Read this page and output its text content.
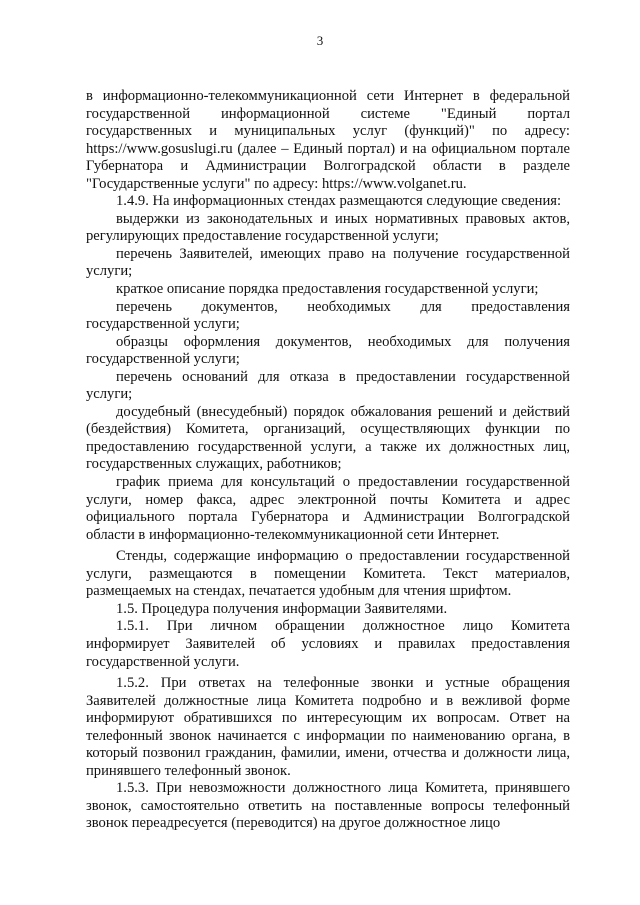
3

в информационно-телекоммуникационной сети Интернет в федеральной государственной информационной системе "Единый портал государственных и муниципальных услуг (функций)" по адресу: https://www.gosuslugi.ru (далее – Единый портал) и на официальном портале Губернатора и Администрации Волгоградской области в разделе "Государственные услуги" по адресу: https://www.volganet.ru.

1.4.9. На информационных стендах размещаются следующие сведения:

выдержки из законодательных и иных нормативных правовых актов, регулирующих предоставление государственной услуги;

перечень Заявителей, имеющих право на получение государственной услуги;

краткое описание порядка предоставления государственной услуги;

перечень документов, необходимых для предоставления государственной услуги;

образцы оформления документов, необходимых для получения государственной услуги;

перечень оснований для отказа в предоставлении государственной услуги;

досудебный (внесудебный) порядок обжалования решений и действий (бездействия) Комитета, организаций, осуществляющих функции по предоставлению государственной услуги, а также их должностных лиц, государственных служащих, работников;

график приема для консультаций о предоставлении государственной услуги, номер факса, адрес электронной почты Комитета и адрес официального портала Губернатора и Администрации Волгоградской области в информационно-телекоммуникационной сети Интернет.

Стенды, содержащие информацию о предоставлении государственной услуги, размещаются в помещении Комитета. Текст материалов, размещаемых на стендах, печатается удобным для чтения шрифтом.

1.5. Процедура получения информации Заявителями.

1.5.1. При личном обращении должностное лицо Комитета информирует Заявителей об условиях и правилах предоставления государственной услуги.

1.5.2. При ответах на телефонные звонки и устные обращения Заявителей должностные лица Комитета подробно и в вежливой форме информируют обратившихся по интересующим их вопросам. Ответ на телефонный звонок начинается с информации по наименованию органа, в который позвонил гражданин, фамилии, имени, отчества и должности лица, принявшего телефонный звонок.

1.5.3. При невозможности должностного лица Комитета, принявшего звонок, самостоятельно ответить на поставленные вопросы телефонный звонок переадресуется (переводится) на другое должностное лицо
